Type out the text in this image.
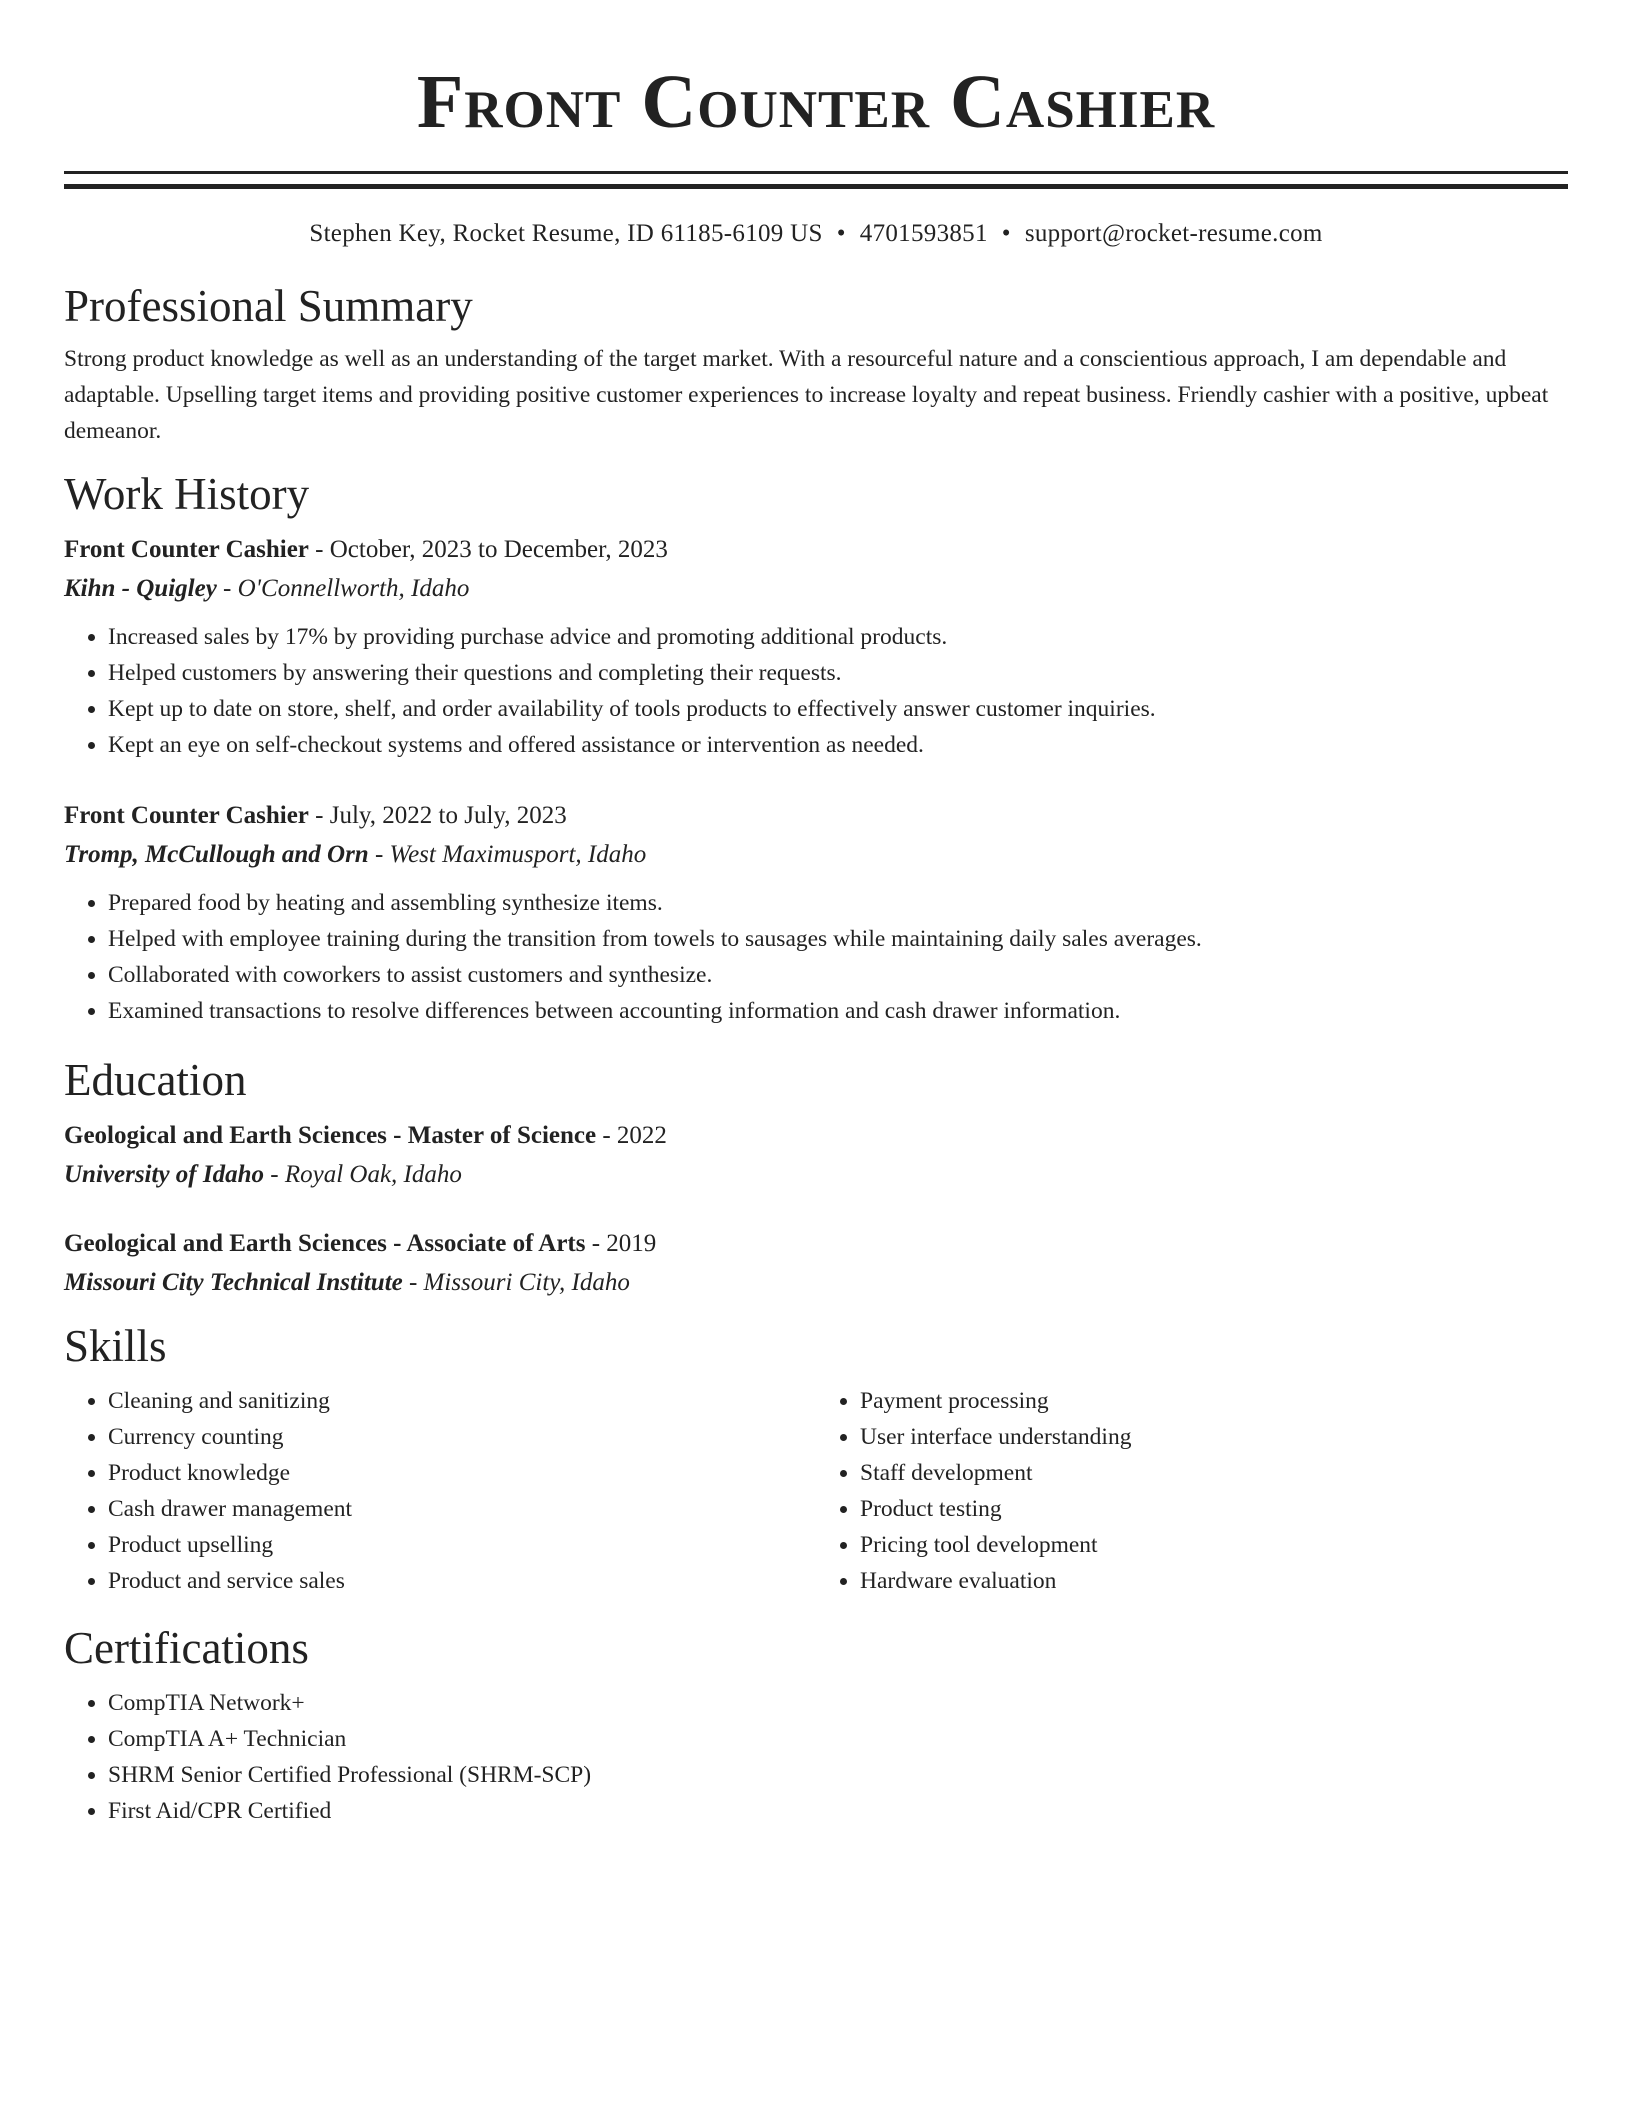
Front Counter Cashier
Stephen Key, Rocket Resume, ID 61185-6109 US • 4701593851 • support@rocket-resume.com
Professional Summary

Strong product knowledge as well as an understanding of the target market. With a resourceful nature and a conscientious approach, I am dependable and adaptable. Upselling target items and providing positive customer experiences to increase loyalty and repeat business. Friendly cashier with a positive, upbeat demeanor.

Work History
Front Counter Cashier - October, 2023 to December, 2023
Kihn - Quigley - O'Connellworth, Idaho
• Increased sales by 17% by providing purchase advice and promoting additional products.
• Helped customers by answering their questions and completing their requests.
• Kept up to date on store, shelf, and order availability of tools products to effectively answer customer inquiries.
• Kept an eye on self-checkout systems and offered assistance or intervention as needed.
Front Counter Cashier - July, 2022 to July, 2023
Tromp, McCullough and Orn - West Maximusport, Idaho
• Prepared food by heating and assembling synthesize items.
• Helped with employee training during the transition from towels to sausages while maintaining daily sales averages.
• Collaborated with coworkers to assist customers and synthesize.
• Examined transactions to resolve differences between accounting information and cash drawer information.
Education
Geological and Earth Sciences - Master of Science - 2022
University of Idaho - Royal Oak, Idaho
Geological and Earth Sciences - Associate of Arts - 2019
Missouri City Technical Institute - Missouri City, Idaho
Skills
• Cleaning and sanitizing
• Currency counting
• Product knowledge
• Cash drawer management
• Product upselling
• Product and service sales
• Payment processing
• User interface understanding
• Staff development
• Product testing
• Pricing tool development
• Hardware evaluation
Certifications
• CompTIA Network+
• CompTIA A+ Technician
• SHRM Senior Certified Professional (SHRM-SCP)
• First Aid/CPR Certified
